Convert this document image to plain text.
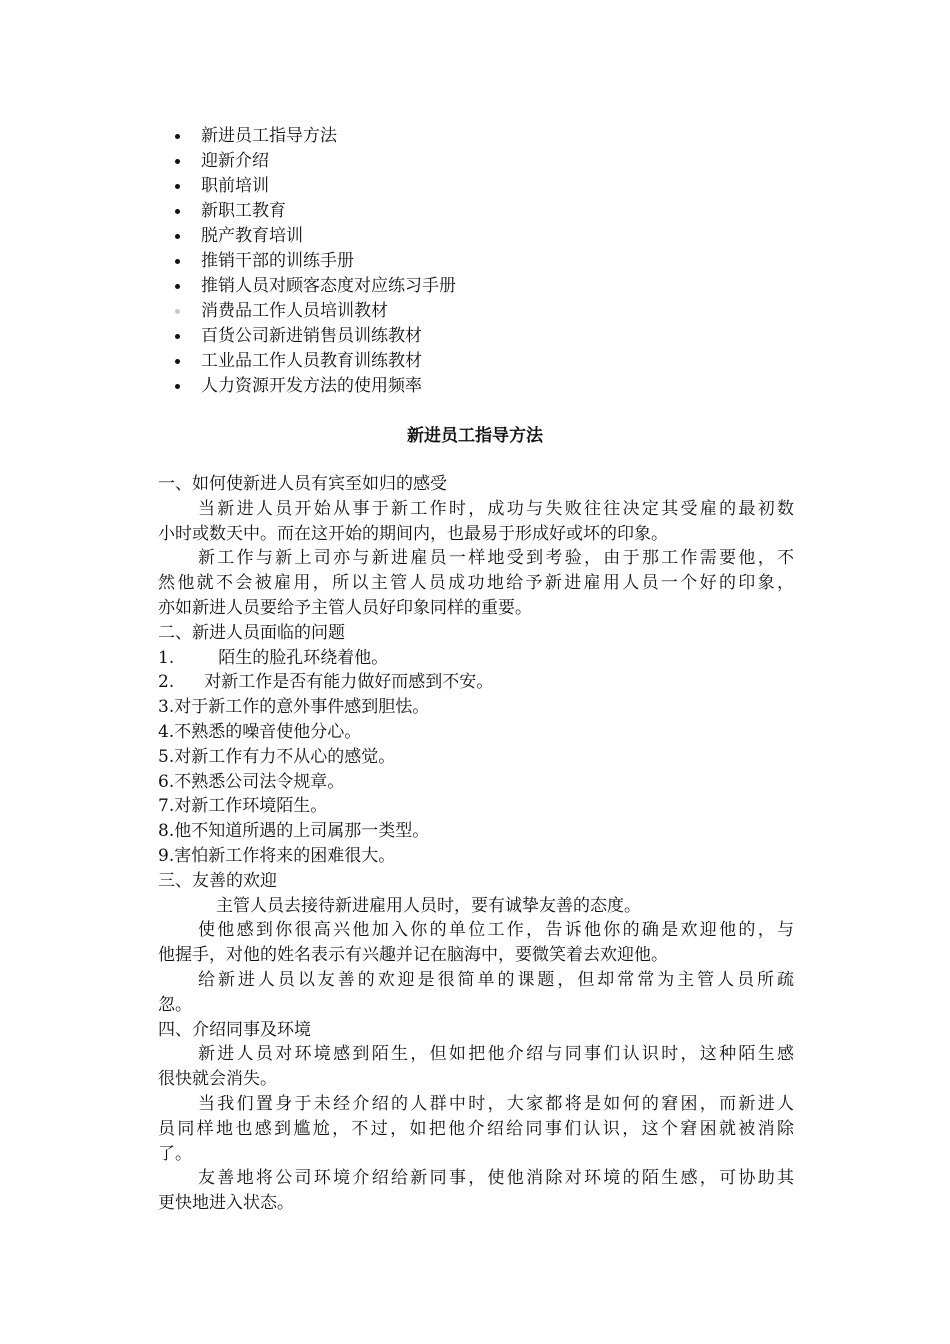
新进员工指导方法
迎新介绍
职前培训
新职工教育
脱产教育培训
推销干部的训练手册
推销人员对顾客态度对应练习手册
消费品工作人员培训教材
百货公司新进销售员训练教材
工业品工作人员教育训练教材
人力资源开发方法的使用频率
新进员工指导方法
一、如何使新进人员有宾至如归的感受
当新进人员开始从事于新工作时，成功与失败往往决定其受雇的最初数
小时或数天中。而在这开始的期间内，也最易于形成好或坏的印象。
新工作与新上司亦与新进雇员一样地受到考验，由于那工作需要他，不
然他就不会被雇用，所以主管人员成功地给予新进雇用人员一个好的印象，
亦如新进人员要给予主管人员好印象同样的重要。
二、新进人员面临的问题
1.	陌生的脸孔环绕着他。
2. 对新工作是否有能力做好而感到不安。
3.对于新工作的意外事件感到胆怯。
4.不熟悉的噪音使他分心。
5.对新工作有力不从心的感觉。
6.不熟悉公司法令规章。
7.对新工作环境陌生。
8.他不知道所遇的上司属那一类型。
9.害怕新工作将来的困难很大。
三、友善的欢迎
主管人员去接待新进雇用人员时，要有诚挚友善的态度。
使他感到你很高兴他加入你的单位工作，告诉他你的确是欢迎他的，与
他握手，对他的姓名表示有兴趣并记在脑海中，要微笑着去欢迎他。
给新进人员以友善的欢迎是很简单的课题，但却常常为主管人员所疏
忽。
四、介绍同事及环境
新进人员对环境感到陌生，但如把他介绍与同事们认识时，这种陌生感
很快就会消失。
当我们置身于未经介绍的人群中时，大家都将是如何的窘困，而新进人
员同样地也感到尴尬，不过，如把他介绍给同事们认识，这个窘困就被消除
了。
友善地将公司环境介绍给新同事，使他消除对环境的陌生感，可协助其
更快地进入状态。
